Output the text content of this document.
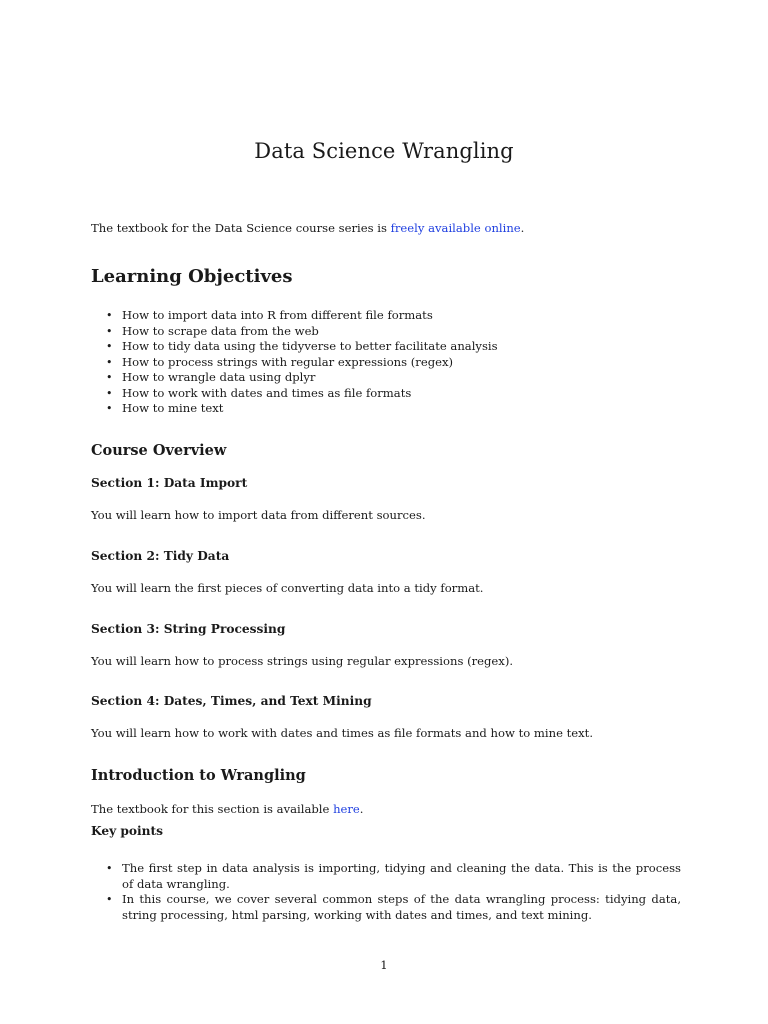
Data Science Wrangling

The textbook for the Data Science course series is freely available online.

Learning Objectives
• How to import data into R from different file formats
• How to scrape data from the web
• How to tidy data using the tidyverse to better facilitate analysis
• How to process strings with regular expressions (regex)
• How to wrangle data using dplyr
• How to work with dates and times as file formats
• How to mine text
Course Overview
Section 1: Data Import

You will learn how to import data from different sources.

Section 2: Tidy Data

You will learn the first pieces of converting data into a tidy format.

Section 3: String Processing

You will learn how to process strings using regular expressions (regex).

Section 4: Dates, Times, and Text Mining

You will learn how to work with dates and times as file formats and how to mine text.

Introduction to Wrangling

The textbook for this section is available here.

Key points
• The first step in data analysis is importing, tidying and cleaning the data. This is the process of data wrangling.
• In this course, we cover several common steps of the data wrangling process: tidying data, string processing, html parsing, working with dates and times, and text mining.
1
